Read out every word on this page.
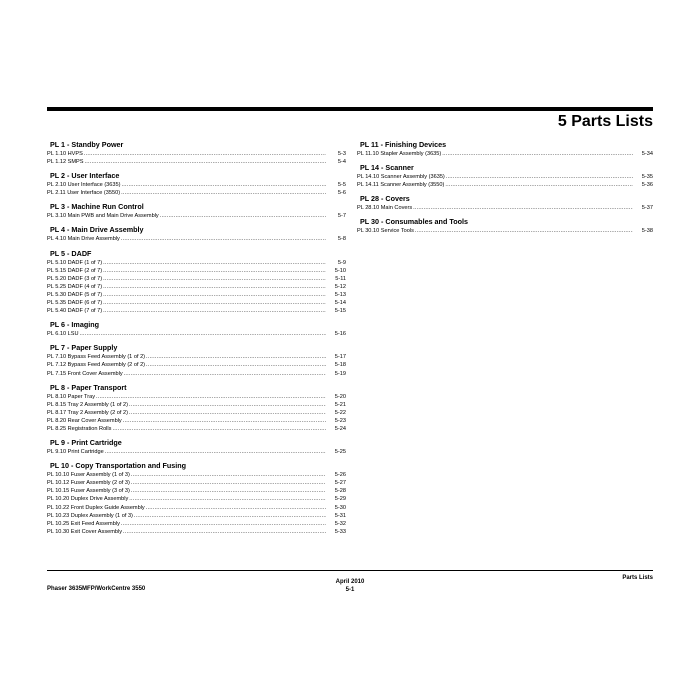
5 Parts Lists
PL 1 - Standby Power
PL 1.10 HVPS .....	5-3
PL 1.12 SMPS .....	5-4
PL 2 - User Interface
PL 2.10 User Interface (3635) .....	5-5
PL 2.11 User Interface (3550) .....	5-6
PL 3 - Machine Run Control
PL 3.10 Main PWB and Main Drive Assembly .....	5-7
PL 4 - Main Drive Assembly
PL 4.10 Main Drive Assembly .....	5-8
PL 5 - DADF
PL 5.10 DADF (1 of 7) .....	5-9
PL 5.15 DADF (2 of 7) .....	5-10
PL 5.20 DADF (3 of 7) .....	5-11
PL 5.25 DADF (4 of 7) .....	5-12
PL 5.30 DADF (5 of 7) .....	5-13
PL 5.35 DADF (6 of 7) .....	5-14
PL 5.40 DADF (7 of 7) .....	5-15
PL 6 - Imaging
PL 6.10 LSU .....	5-16
PL 7 - Paper Supply
PL 7.10 Bypass Feed Assembly (1 of 2) .....	5-17
PL 7.12 Bypass Feed Assembly (2 of 2) .....	5-18
PL 7.15 Front Cover Assembly .....	5-19
PL 8 - Paper Transport
PL 8.10 Paper Tray .....	5-20
PL 8.15 Tray 2 Assembly (1 of 2) .....	5-21
PL 8.17 Tray 2 Assembly (2 of 2) .....	5-22
PL 8.20 Rear Cover Assembly .....	5-23
PL 8.25 Registration Rolls .....	5-24
PL 9 - Print Cartridge
PL 9.10 Print Cartridge .....	5-25
PL 10 - Copy Transportation and Fusing
PL 10.10 Fuser Assembly (1 of 3) .....	5-26
PL 10.12 Fuser Assembly (2 of 3) .....	5-27
PL 10.15 Fuser Assembly (3 of 3) .....	5-28
PL 10.20 Duplex Drive Assembly .....	5-29
PL 10.22 Front Duplex Guide Assembly .....	5-30
PL 10.23 Duplex Assembly (1 of 3) .....	5-31
PL 10.25 Exit Feed Assembly .....	5-32
PL 10.30 Exit Cover Assembly .....	5-33
PL 11 - Finishing Devices
PL 11.10 Stapler Assembly (3635) .....	5-34
PL 14 - Scanner
PL 14.10 Scanner Assembly (3635) .....	5-35
PL 14.11 Scanner Assembly (3550) .....	5-36
PL 28 - Covers
PL 28.10 Main Covers .....	5-37
PL 30 - Consumables and Tools
PL 30.10 Service Tools .....	5-38
Phaser 3635MFP/WorkCentre 3550
April 2010
5-1
Parts Lists
